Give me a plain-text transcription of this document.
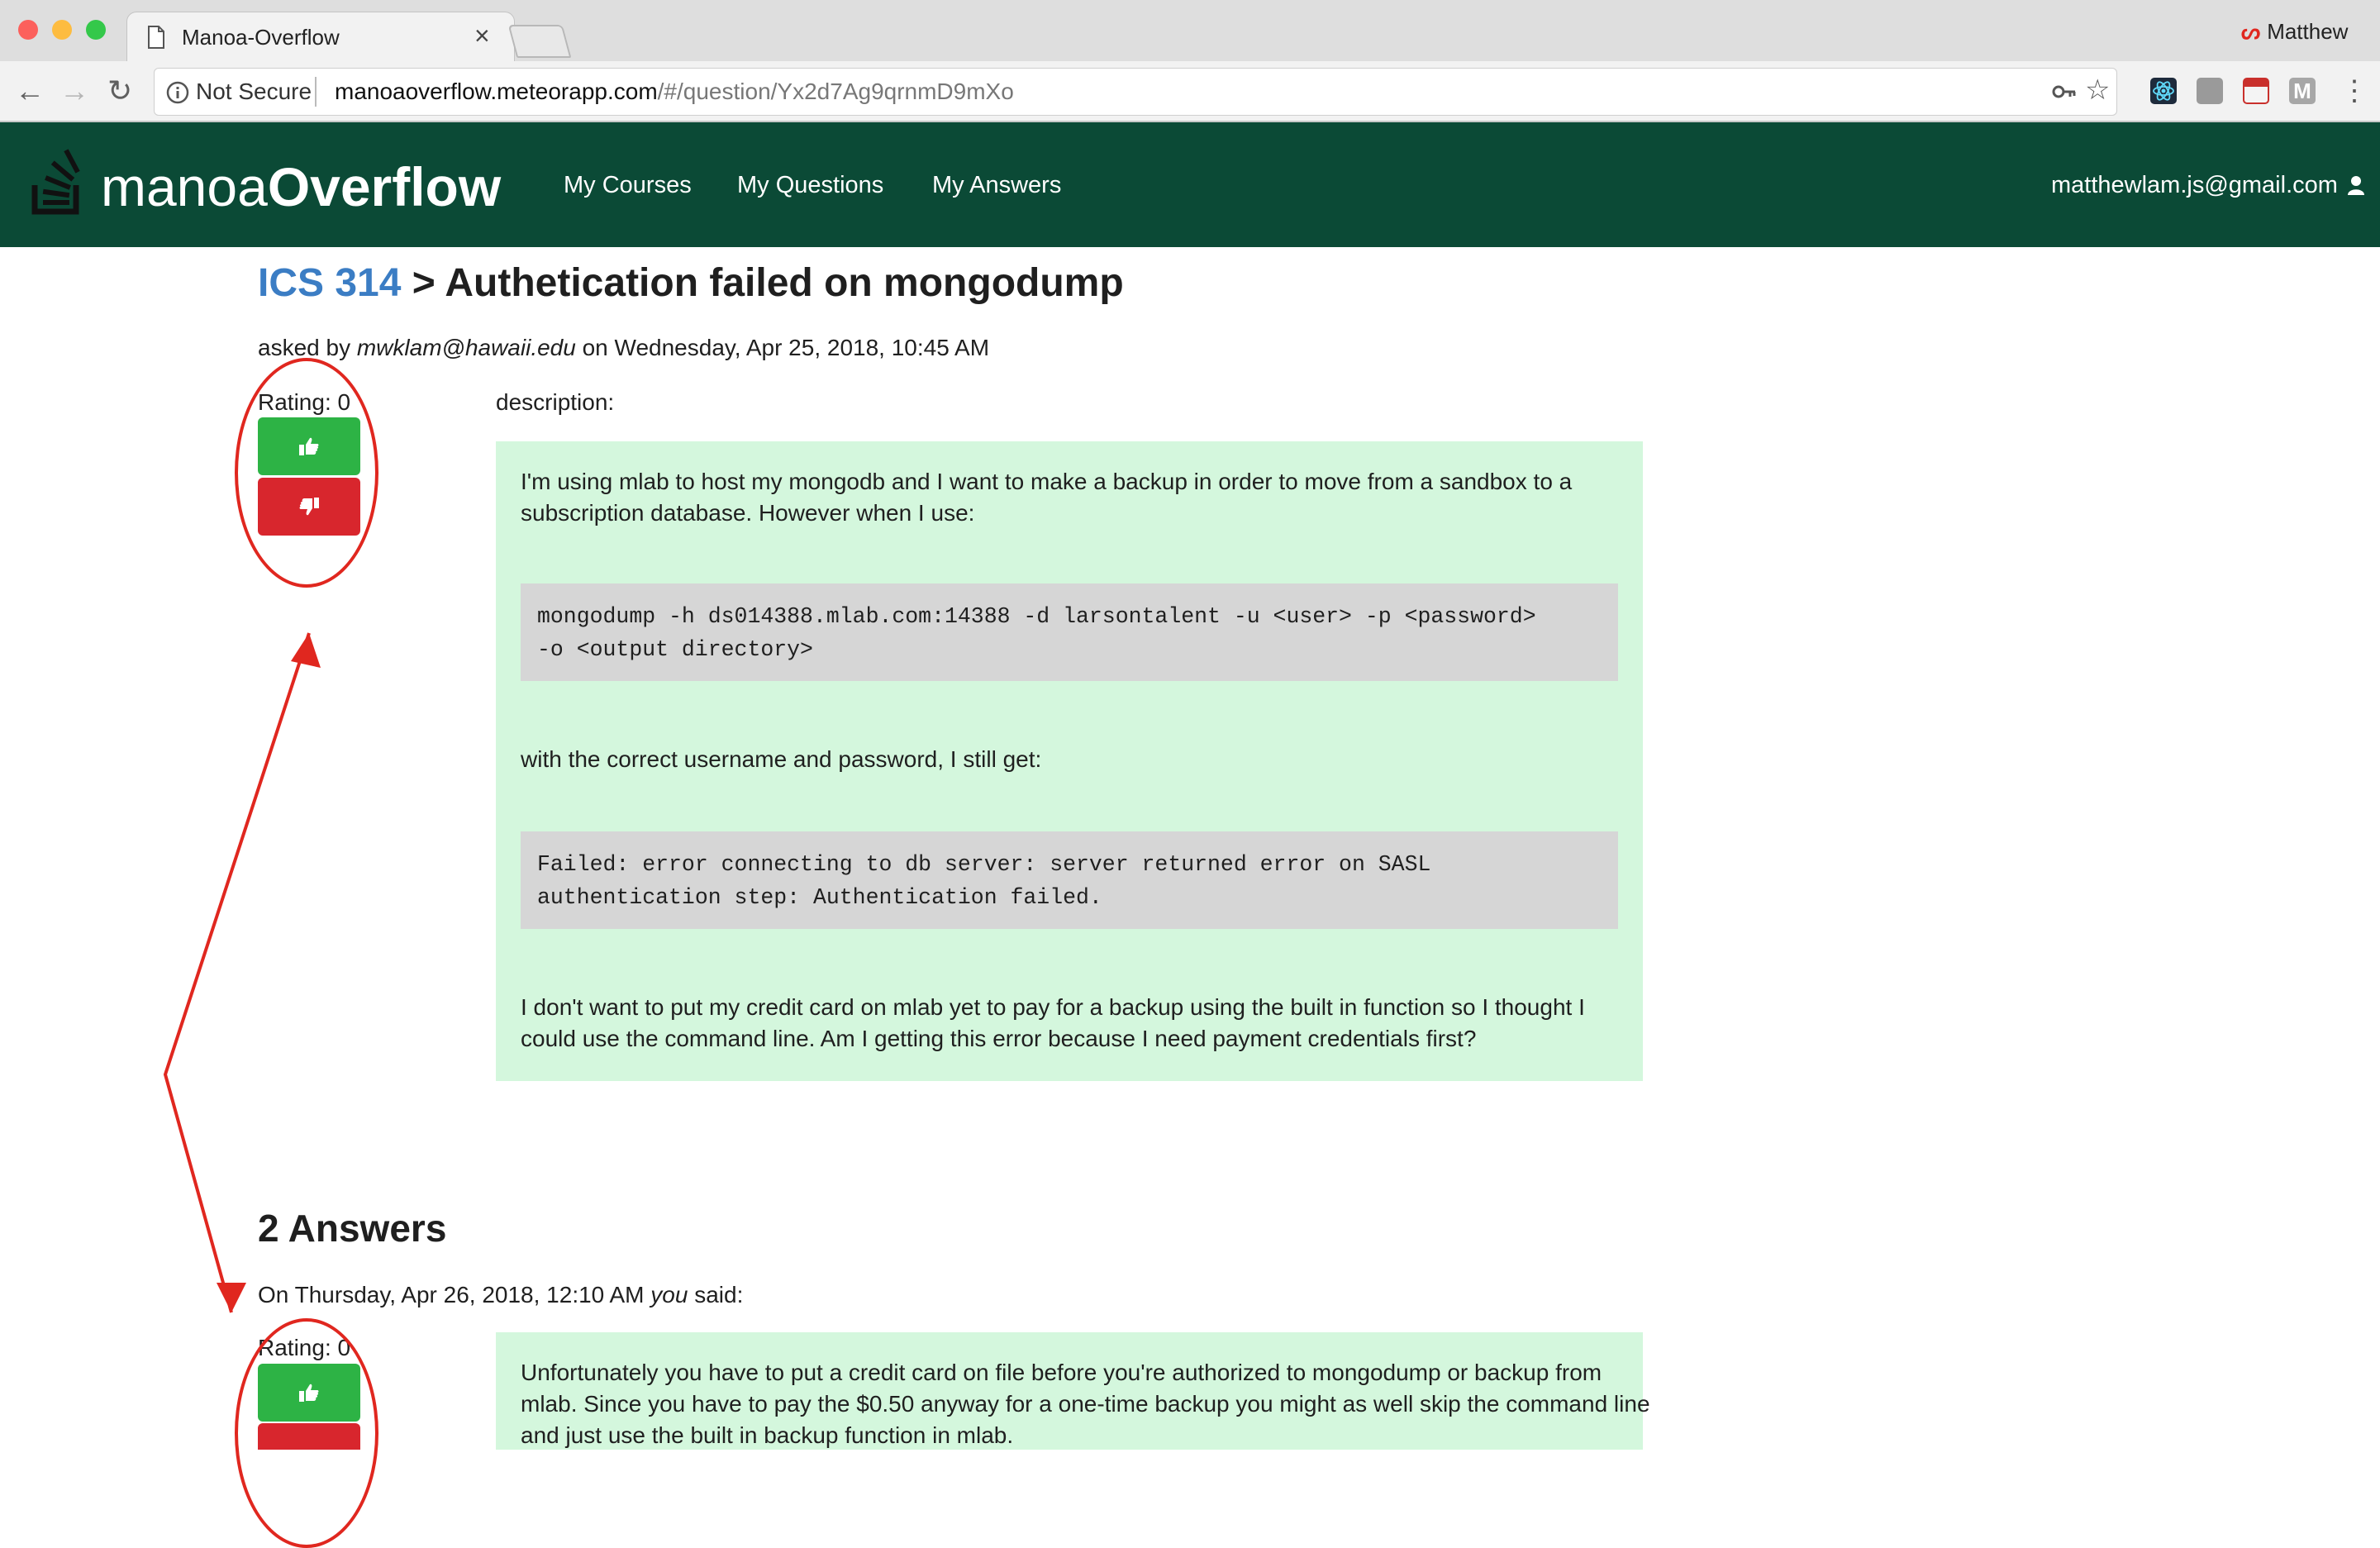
Manoa-Overflow	×	ᔕ Matthew
← → ↻	Not Secure manoaoverflow.meteorapp.com/#/question/Yx2d7Ag9qrnmD9mXo	☆	M ⋮
manoaOverflow	My Courses My Questions My Answers	matthewlam.js@gmail.com
ICS 314 > Authetication failed on mongodump
asked by mwklam@hawaii.edu on Wednesday, Apr 25, 2018, 10:45 AM
Rating: 0	description:
I'm using mlab to host my mongodb and I want to make a backup in order to move from a sandbox to a
subscription database. However when I use:
mongodump -h ds014388.mlab.com:14388 -d larsontalent -u <user> -p <password>
-o <output directory>
with the correct username and password, I still get:
Failed: error connecting to db server: server returned error on SASL
authentication step: Authentication failed.
I don't want to put my credit card on mlab yet to pay for a backup using the built in function so I thought I
could use the command line. Am I getting this error because I need payment credentials first?
2 Answers
On Thursday, Apr 26, 2018, 12:10 AM you said:
Rating: 0
Unfortunately you have to put a credit card on file before you're authorized to mongodump or backup from
mlab. Since you have to pay the $0.50 anyway for a one-time backup you might as well skip the command line
and just use the built in backup function in mlab.
